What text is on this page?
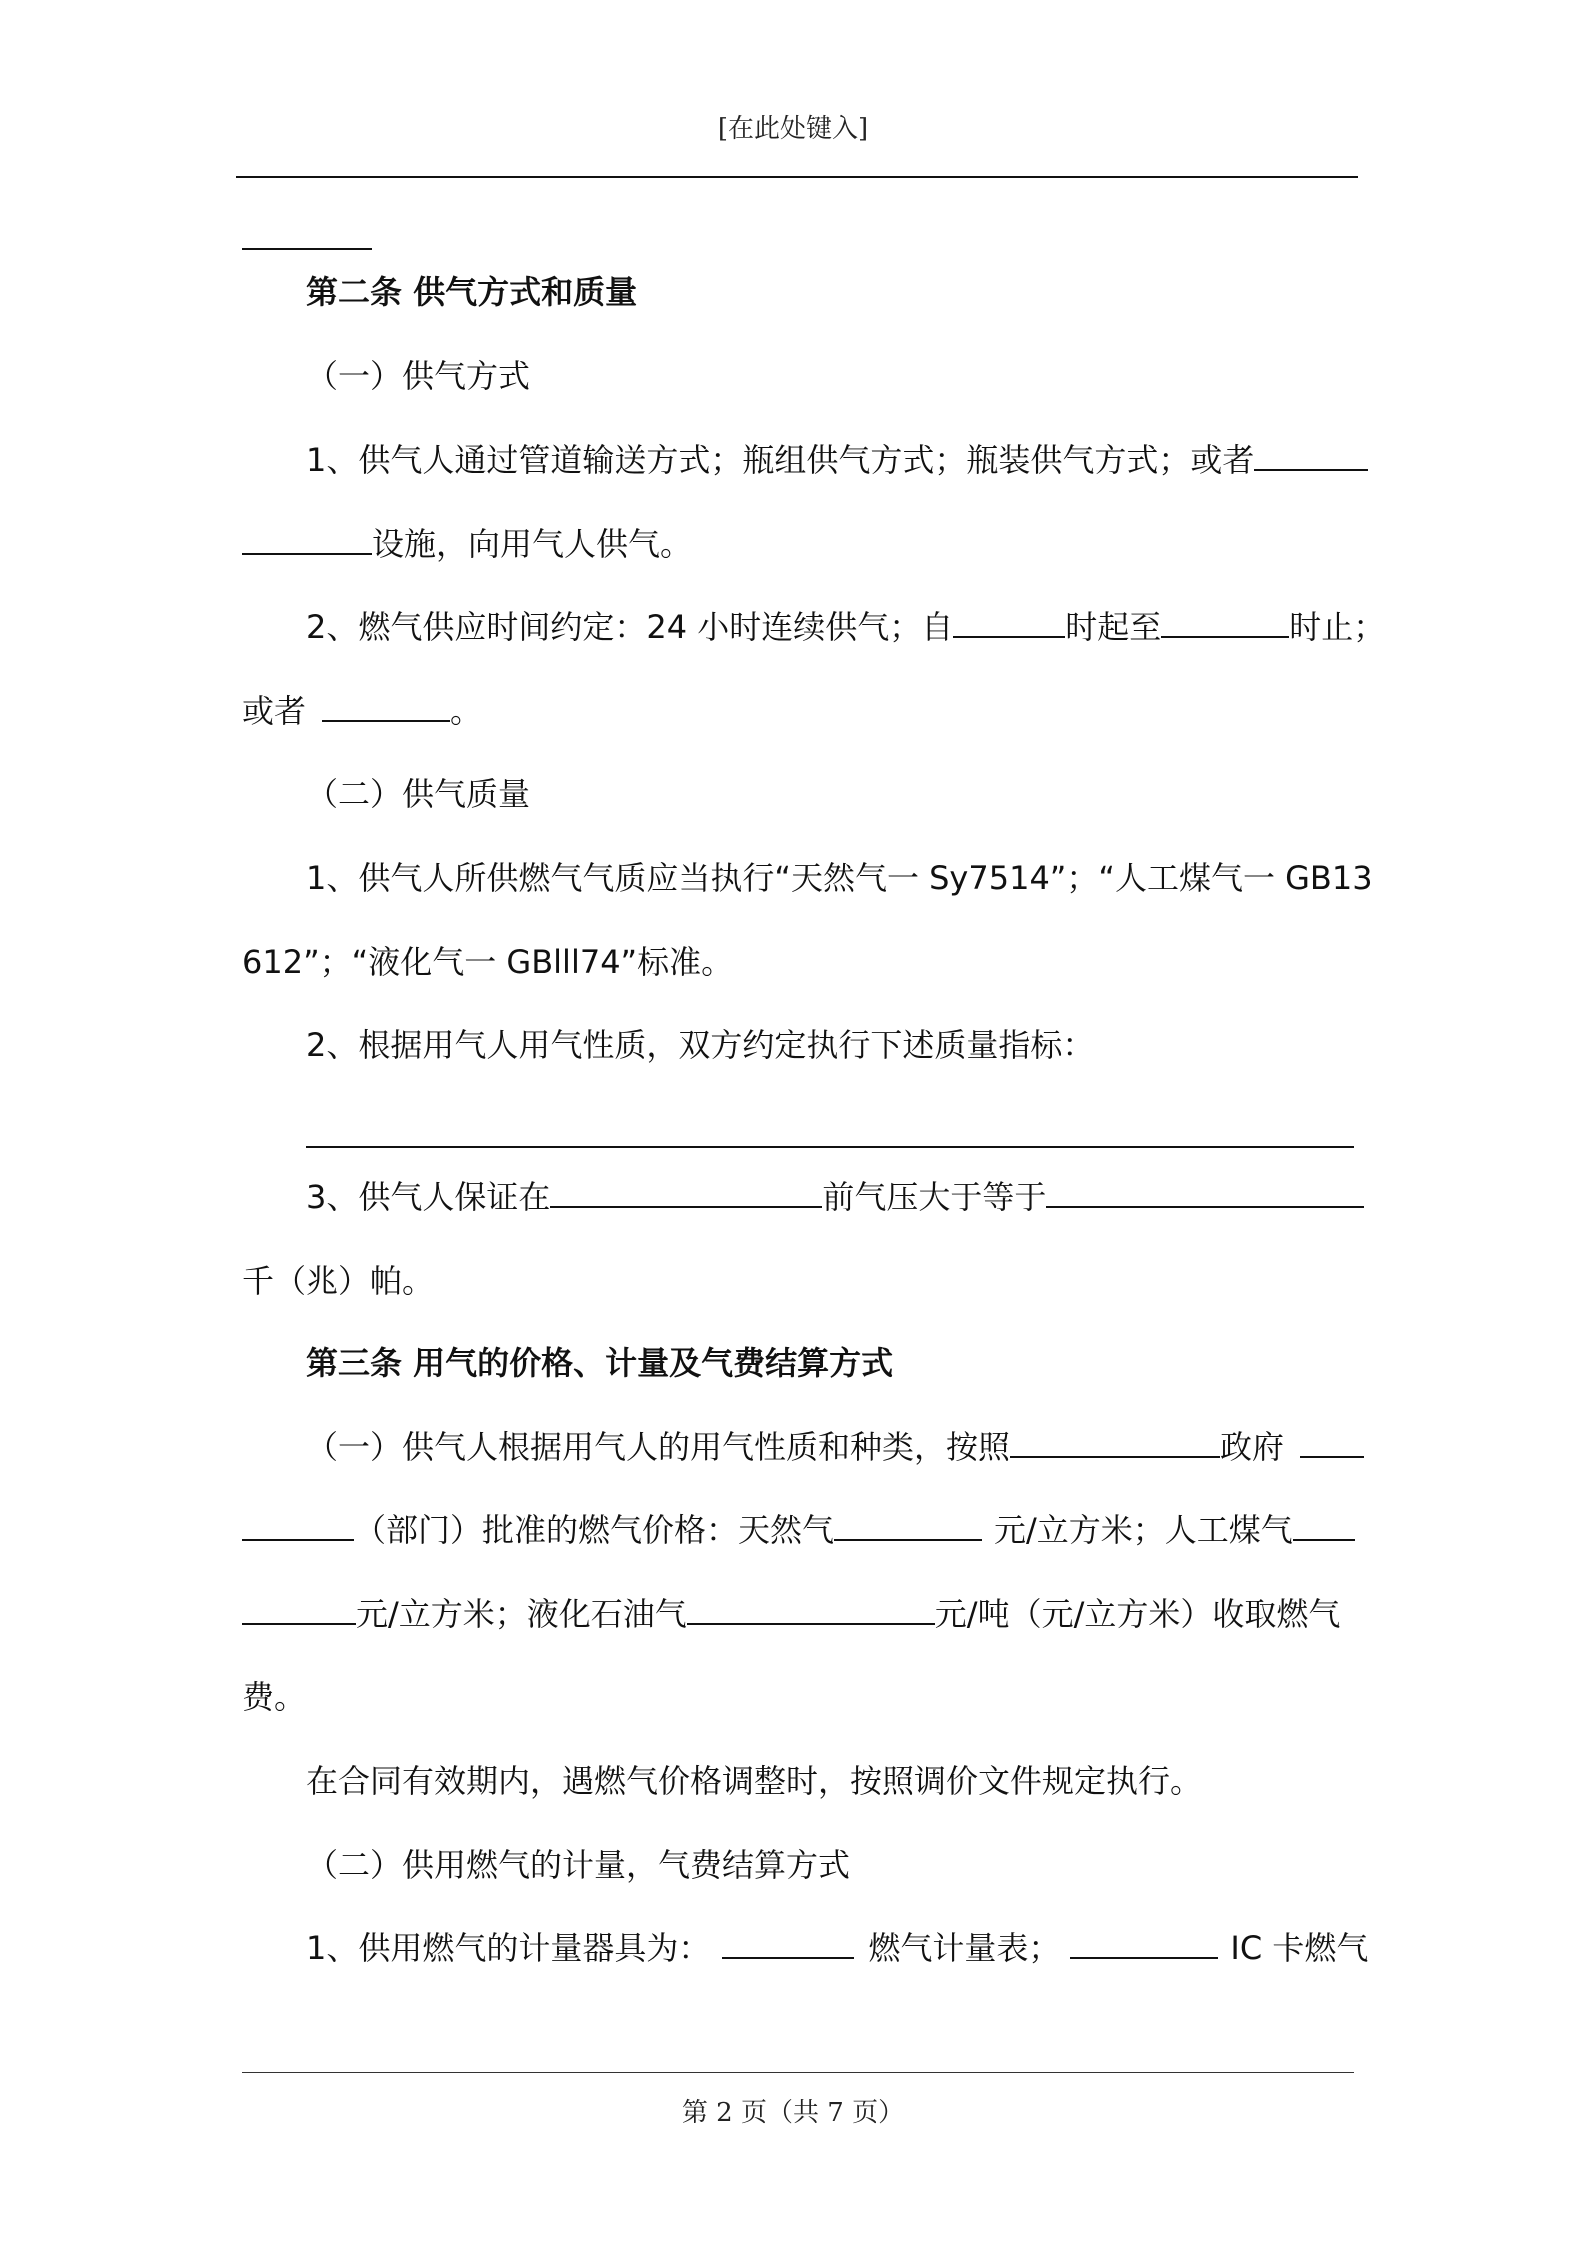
[在此处键入]
第二条 供气方式和质量
（一）供气方式
1、供气人通过管道输送方式；瓶组供气方式；瓶装供气方式；或者
设施，向用气人供气。
2、燃气供应时间约定：24 小时连续供气；自	时起至	时止；
或者	。
（二）供气质量
1、供气人所供燃气气质应当执行“天然气一 Sy7514”；“人工煤气一 GB13
612”；“液化气一 GBlll74”标准。
2、根据用气人用气性质，双方约定执行下述质量指标：
3、供气人保证在	前气压大于等于
千（兆）帕。
第三条 用气的价格、计量及气费结算方式
（一）供气人根据用气人的用气性质和种类，按照	政府
（部门）批准的燃气价格：天然气	元/立方米；人工煤气
元/立方米；液化石油气	元/吨（元/立方米）收取燃气
费。
在合同有效期内，遇燃气价格调整时，按照调价文件规定执行。
（二）供用燃气的计量，气费结算方式
1、供用燃气的计量器具为：	燃气计量表；	IC 卡燃气
第 2 页（共 7 页）
